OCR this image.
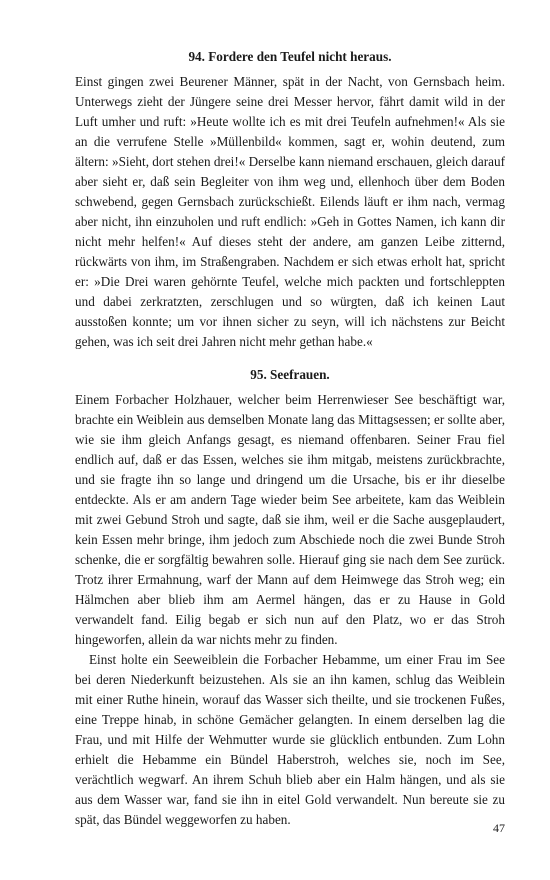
94. Fordere den Teufel nicht heraus.

Einst gingen zwei Beurener Männer, spät in der Nacht, von Gernsbach heim. Unterwegs zieht der Jüngere seine drei Messer hervor, fährt damit wild in der Luft umher und ruft: »Heute wollte ich es mit drei Teufeln aufnehmen!« Als sie an die verrufene Stelle »Müllenbild« kommen, sagt er, wohin deutend, zum ältern: »Sieht, dort stehen drei!« Derselbe kann niemand erschauen, gleich darauf aber sieht er, daß sein Begleiter von ihm weg und, ellenhoch über dem Boden schwebend, gegen Gernsbach zurückschießt. Eilends läuft er ihm nach, vermag aber nicht, ihn einzuholen und ruft endlich: »Geh in Gottes Namen, ich kann dir nicht mehr helfen!« Auf dieses steht der andere, am ganzen Leibe zitternd, rückwärts von ihm, im Straßengraben. Nachdem er sich etwas erholt hat, spricht er: »Die Drei waren gehörnte Teufel, welche mich packten und fortschleppten und dabei zerkratzten, zerschlugen und so würgten, daß ich keinen Laut ausstoßen konnte; um vor ihnen sicher zu seyn, will ich nächstens zur Beicht gehen, was ich seit drei Jahren nicht mehr gethan habe.«

95. Seefrauen.

Einem Forbacher Holzhauer, welcher beim Herrenwieser See beschäftigt war, brachte ein Weiblein aus demselben Monate lang das Mittagsessen; er sollte aber, wie sie ihm gleich Anfangs gesagt, es niemand offenbaren. Seiner Frau fiel endlich auf, daß er das Essen, welches sie ihm mitgab, meistens zurückbrachte, und sie fragte ihn so lange und dringend um die Ursache, bis er ihr dieselbe entdeckte. Als er am andern Tage wieder beim See arbeitete, kam das Weiblein mit zwei Gebund Stroh und sagte, daß sie ihm, weil er die Sache ausgeplaudert, kein Essen mehr bringe, ihm jedoch zum Abschiede noch die zwei Bunde Stroh schenke, die er sorgfältig bewahren solle. Hierauf ging sie nach dem See zurück. Trotz ihrer Ermahnung, warf der Mann auf dem Heimwege das Stroh weg; ein Hälmchen aber blieb ihm am Aermel hängen, das er zu Hause in Gold verwandelt fand. Eilig begab er sich nun auf den Platz, wo er das Stroh hingeworfen, allein da war nichts mehr zu finden.

Einst holte ein Seeweiblein die Forbacher Hebamme, um einer Frau im See bei deren Niederkunft beizustehen. Als sie an ihn kamen, schlug das Weiblein mit einer Ruthe hinein, worauf das Wasser sich theilte, und sie trockenen Fußes, eine Treppe hinab, in schöne Gemächer gelangten. In einem derselben lag die Frau, und mit Hilfe der Wehmutter wurde sie glücklich entbunden. Zum Lohn erhielt die Hebamme ein Bündel Haberstroh, welches sie, noch im See, verächtlich wegwarf. An ihrem Schuh blieb aber ein Halm hängen, und als sie aus dem Wasser war, fand sie ihn in eitel Gold verwandelt. Nun bereute sie zu spät, das Bündel weggeworfen zu haben.

47
